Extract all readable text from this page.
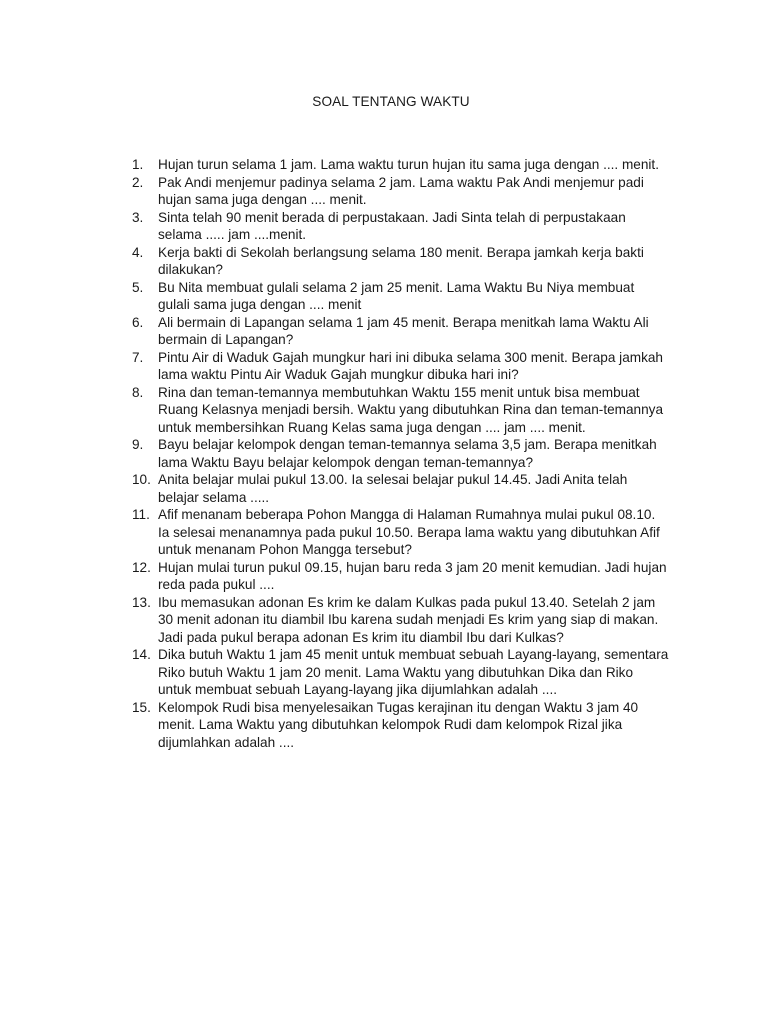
SOAL TENTANG WAKTU
1.	Hujan turun selama 1 jam. Lama waktu turun hujan itu sama juga dengan .... menit.
2.	Pak Andi menjemur padinya selama 2 jam. Lama waktu Pak Andi menjemur padi
hujan sama juga dengan .... menit.
3.	Sinta telah 90 menit berada di perpustakaan. Jadi Sinta telah di perpustakaan
selama ..... jam ....menit.
4.	Kerja bakti di Sekolah berlangsung selama 180 menit. Berapa jamkah kerja bakti
dilakukan?
5.	Bu Nita membuat gulali selama 2 jam 25 menit. Lama Waktu Bu Niya membuat
gulali sama juga dengan .... menit
6.	Ali bermain di Lapangan selama 1 jam 45 menit. Berapa menitkah lama Waktu Ali
bermain di Lapangan?
7.	Pintu Air di Waduk Gajah mungkur hari ini dibuka selama 300 menit. Berapa jamkah
lama waktu Pintu Air Waduk Gajah mungkur dibuka hari ini?
8.	Rina dan teman-temannya membutuhkan Waktu 155 menit untuk bisa membuat
Ruang Kelasnya menjadi bersih. Waktu yang dibutuhkan Rina dan teman-temannya
untuk membersihkan Ruang Kelas sama juga dengan .... jam .... menit.
9.	Bayu belajar kelompok dengan teman-temannya selama 3,5 jam. Berapa menitkah
lama Waktu Bayu belajar kelompok dengan teman-temannya?
10. Anita belajar mulai pukul 13.00. Ia selesai belajar pukul 14.45. Jadi Anita telah
belajar selama .....
11. Afif menanam beberapa Pohon Mangga di Halaman Rumahnya mulai pukul 08.10.
Ia selesai menanamnya pada pukul 10.50. Berapa lama waktu yang dibutuhkan Afif
untuk menanam Pohon Mangga tersebut?
12. Hujan mulai turun pukul 09.15, hujan baru reda 3 jam 20 menit kemudian. Jadi hujan
reda pada pukul ....
13. Ibu memasukan adonan Es krim ke dalam Kulkas pada pukul 13.40. Setelah 2 jam
30 menit adonan itu diambil Ibu karena sudah menjadi Es krim yang siap di makan.
Jadi pada pukul berapa adonan Es krim itu diambil Ibu dari Kulkas?
14. Dika butuh Waktu 1 jam 45 menit untuk membuat sebuah Layang-layang, sementara
Riko butuh Waktu 1 jam 20 menit. Lama Waktu yang dibutuhkan Dika dan Riko
untuk membuat sebuah Layang-layang jika dijumlahkan adalah ....
15. Kelompok Rudi bisa menyelesaikan Tugas kerajinan itu dengan Waktu 3 jam 40
menit. Lama Waktu yang dibutuhkan kelompok Rudi dam kelompok Rizal jika
dijumlahkan adalah ....
